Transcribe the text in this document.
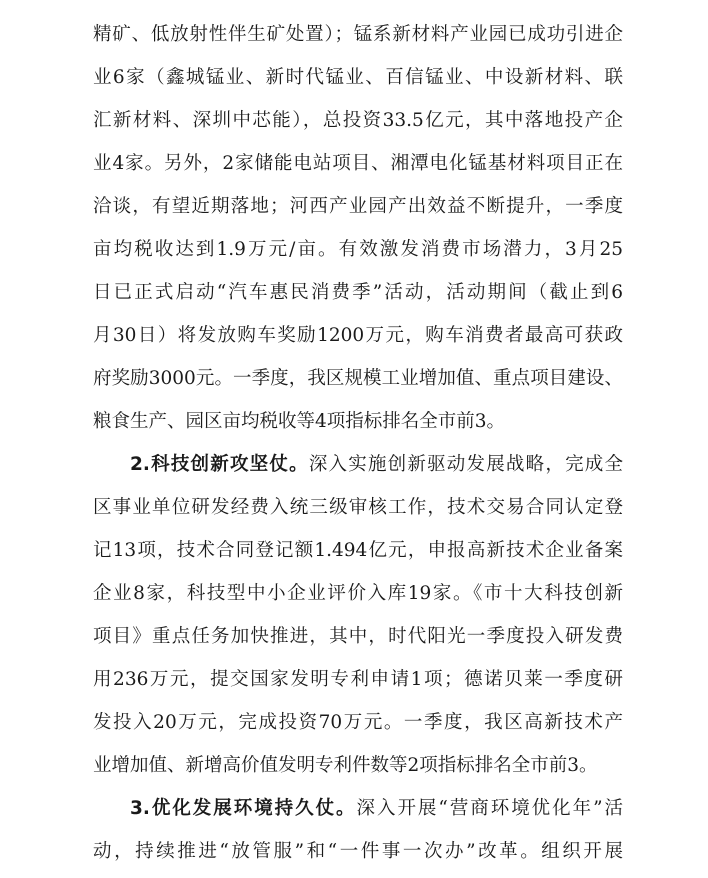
精矿、低放射性伴生矿处置）；锰系新材料产业园已成功引进企
业6家（鑫城锰业、新时代锰业、百信锰业、中设新材料、联
汇新材料、深圳中芯能），总投资33.5亿元，其中落地投产企
业4家。另外，2家储能电站项目、湘潭电化锰基材料项目正在
洽谈，有望近期落地；河西产业园产出效益不断提升，一季度
亩均税收达到1.9万元/亩。有效激发消费市场潜力，3月25
日已正式启动“汽车惠民消费季”活动，活动期间（截止到6
月30日）将发放购车奖励1200万元，购车消费者最高可获政
府奖励3000元。一季度，我区规模工业增加值、重点项目建设、
粮食生产、园区亩均税收等4项指标排名全市前3。
2.科技创新攻坚仗。深入实施创新驱动发展战略，完成全
区事业单位研发经费入统三级审核工作，技术交易合同认定登
记13项，技术合同登记额1.494亿元，申报高新技术企业备案
企业8家，科技型中小企业评价入库19家。《市十大科技创新
项目》重点任务加快推进，其中，时代阳光一季度投入研发费
用236万元，提交国家发明专利申请1项；德诺贝莱一季度研
发投入20万元，完成投资70万元。一季度，我区高新技术产
业增加值、新增高价值发明专利件数等2项指标排名全市前3。
3.优化发展环境持久仗。深入开展“营商环境优化年”活
动，持续推进“放管服”和“一件事一次办”改革。组织开展
